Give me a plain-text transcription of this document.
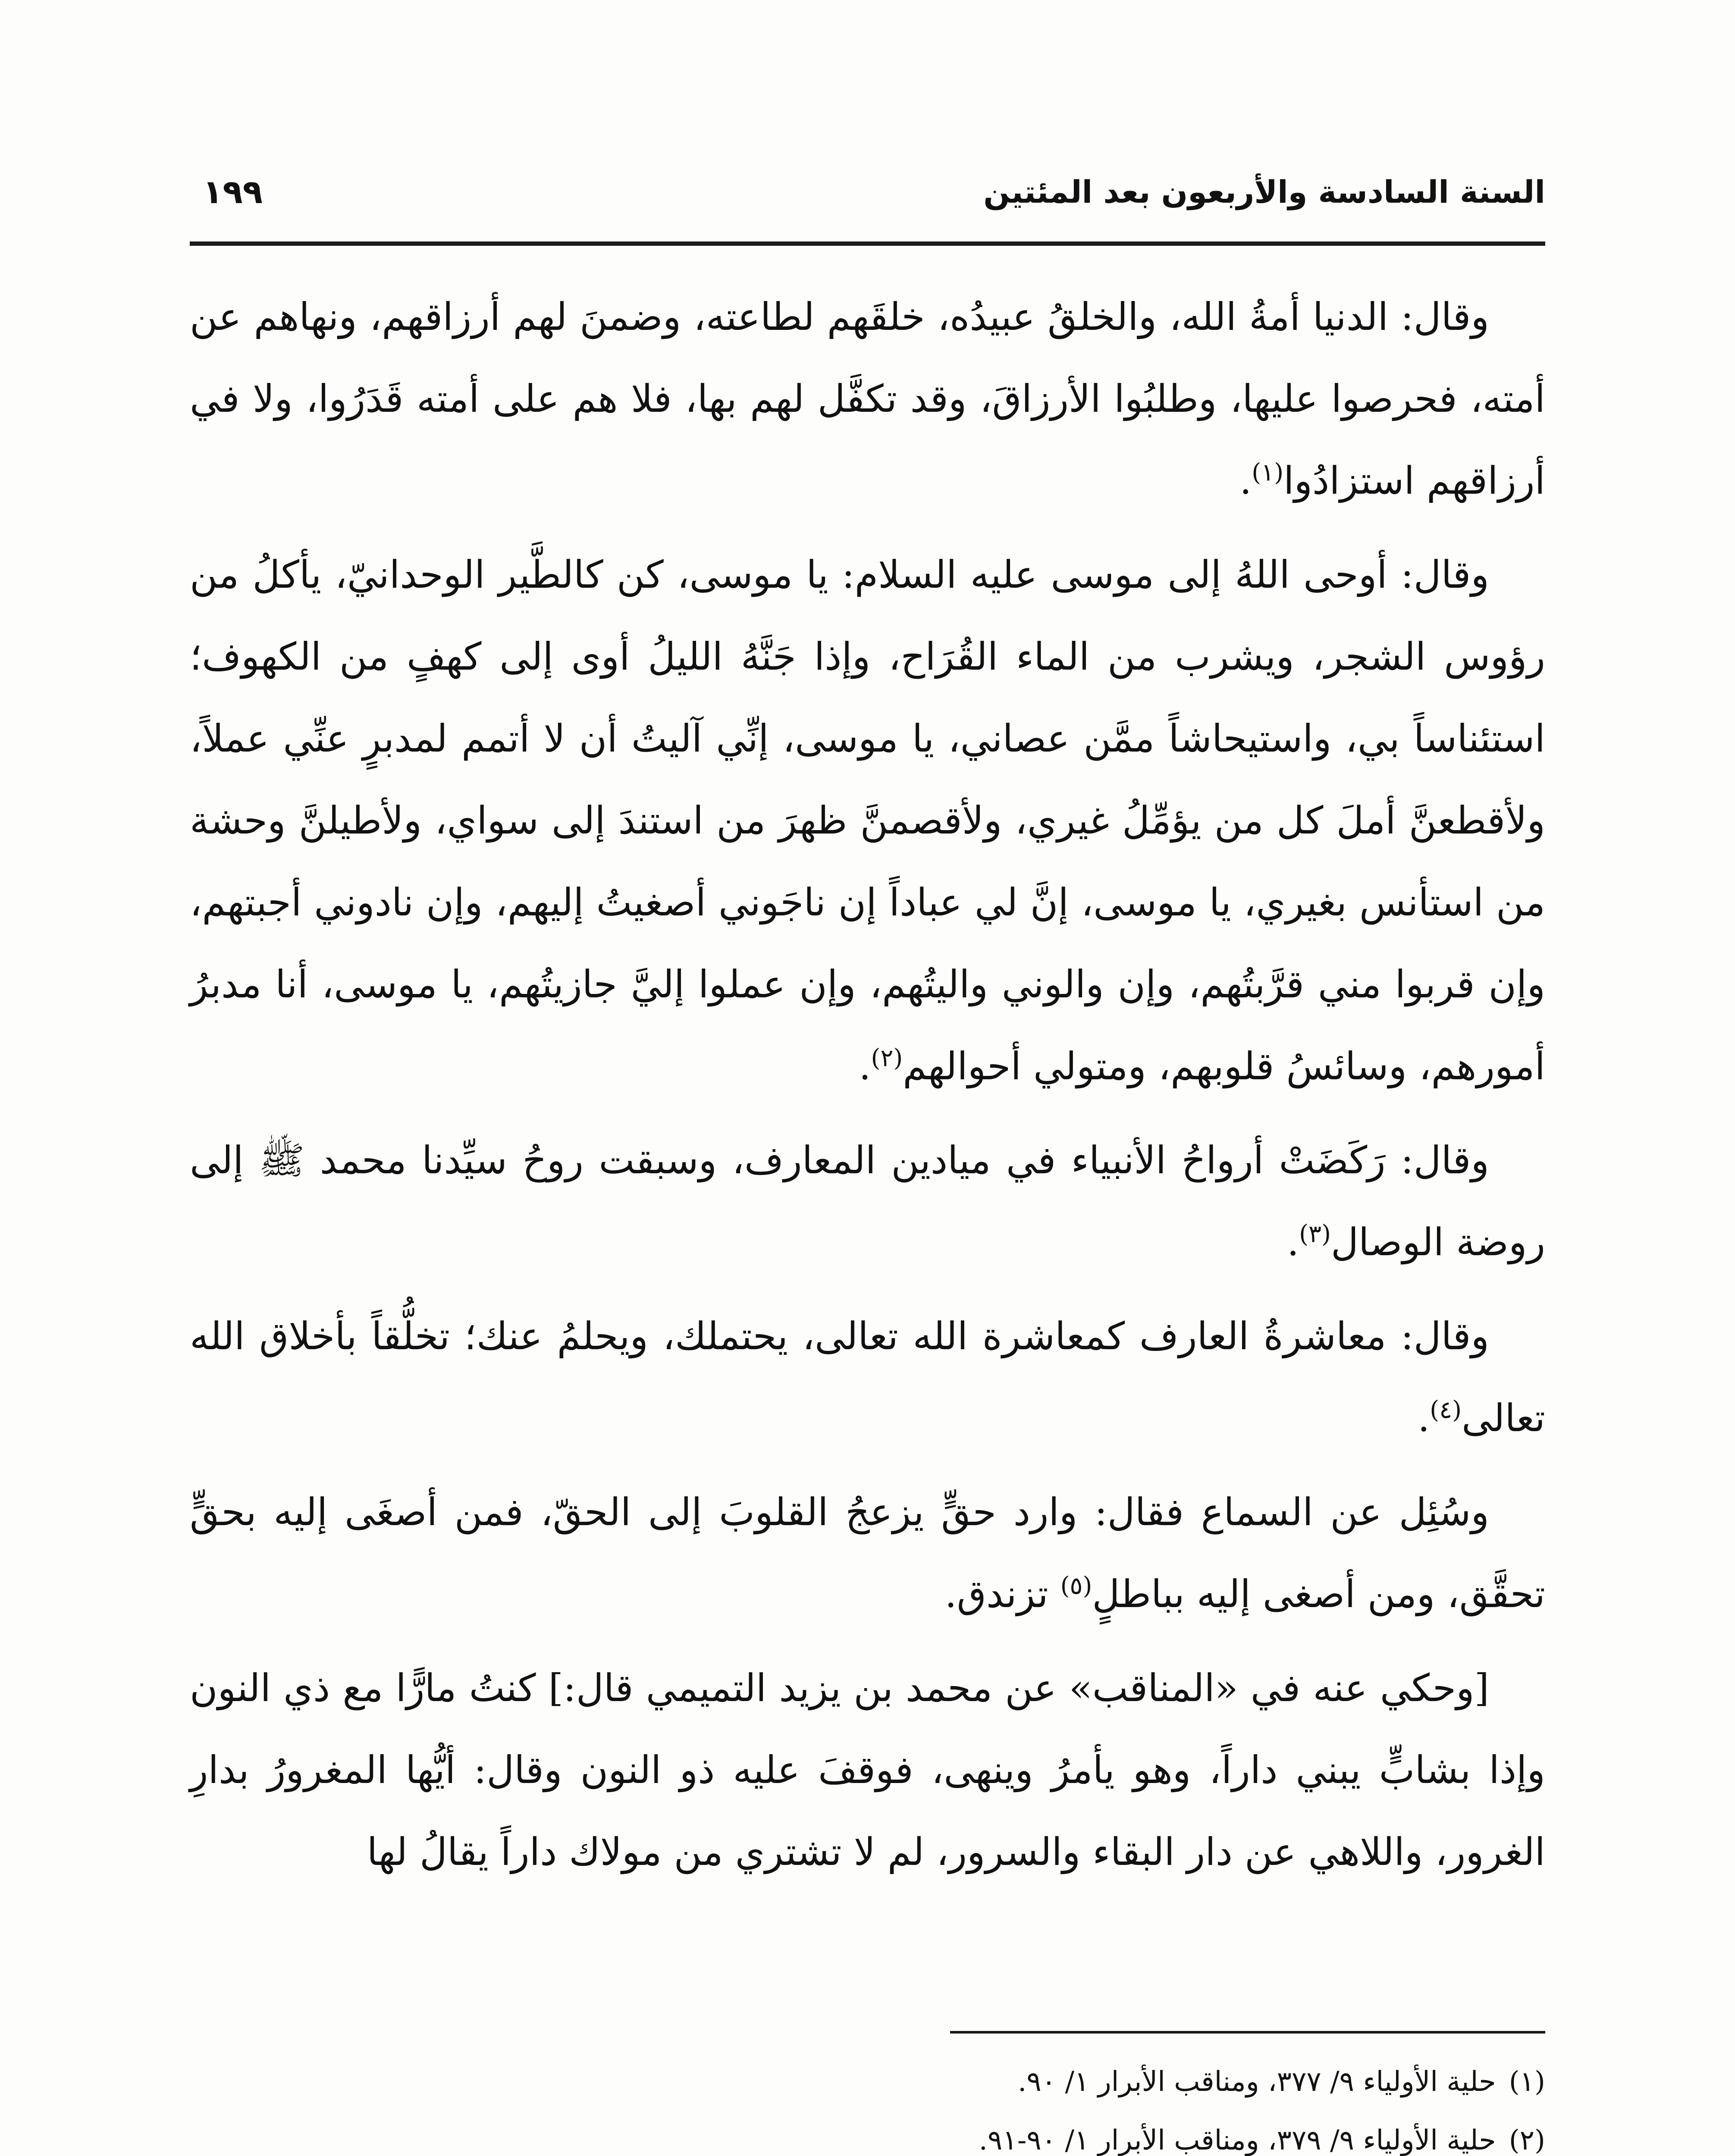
السنة السادسة والأربعون بعد المئتين
١٩٩

وقال: الدنيا أمةُ الله، والخلقُ عبيدُه، خلقَهم لطاعته، وضمنَ لهم أرزاقهم، ونهاهم عن أمته، فحرصوا عليها، وطلبُوا الأرزاقَ، وقد تكفَّل لهم بها، فلا هم على أمته قَدَرُوا، ولا في أرزاقهم استزادُوا$^{(١)}$.

وقال: أوحى اللهُ إلى موسى عليه السلام: يا موسى، كن كالطَّير الوحدانيّ، يأكلُ من رؤوس الشجر، ويشرب من الماء القُرَاح، وإذا جَنَّهُ الليلُ أوى إلى كهفٍ من الكهوف؛ استئناساً بي، واستيحاشاً ممَّن عصاني، يا موسى، إنِّي آليتُ أن لا أتمم لمدبرٍ عنِّي عملاً، ولأقطعنَّ أملَ كل من يؤمِّلُ غيري، ولأقصمنَّ ظهرَ من استندَ إلى سواي، ولأطيلنَّ وحشة من استأنس بغيري، يا موسى، إنَّ لي عباداً إن ناجَوني أصغيتُ إليهم، وإن نادوني أجبتهم، وإن قربوا مني قرَّبتُهم، وإن والوني واليتُهم، وإن عملوا إليَّ جازيتُهم، يا موسى، أنا مدبرُ أمورهم، وسائسُ قلوبهم، ومتولي أحوالهم$^{(٢)}$.

وقال: رَكَضَتْ أرواحُ الأنبياء في ميادين المعارف، وسبقت روحُ سيِّدنا محمد ﷺ إلى روضة الوصال$^{(٣)}$.

وقال: معاشرةُ العارف كمعاشرة الله تعالى، يحتملك، ويحلمُ عنك؛ تخلُّقاً بأخلاق الله تعالى$^{(٤)}$.

وسُئِل عن السماع فقال: وارد حقٍّ يزعجُ القلوبَ إلى الحقّ، فمن أصغَى إليه بحقٍّ تحقَّق، ومن أصغى إليه بباطلٍ$^{(٥)}$ تزندق.

[وحكي عنه في «المناقب» عن محمد بن يزيد التميمي قال:] كنتُ مارًّا مع ذي النون وإذا بشابٍّ يبني داراً، وهو يأمرُ وينهى، فوقفَ عليه ذو النون وقال: أيُّها المغرورُ بدارِ الغرور، واللاهي عن دار البقاء والسرور، لم لا تشتري من مولاك داراً يقالُ لها

(١)حلية الأولياء ٩/ ٣٧٧، ومناقب الأبرار ١/ ٩٠.

(٢)حلية الأولياء ٩/ ٣٧٩، ومناقب الأبرار ١/ ٩٠-٩١.
